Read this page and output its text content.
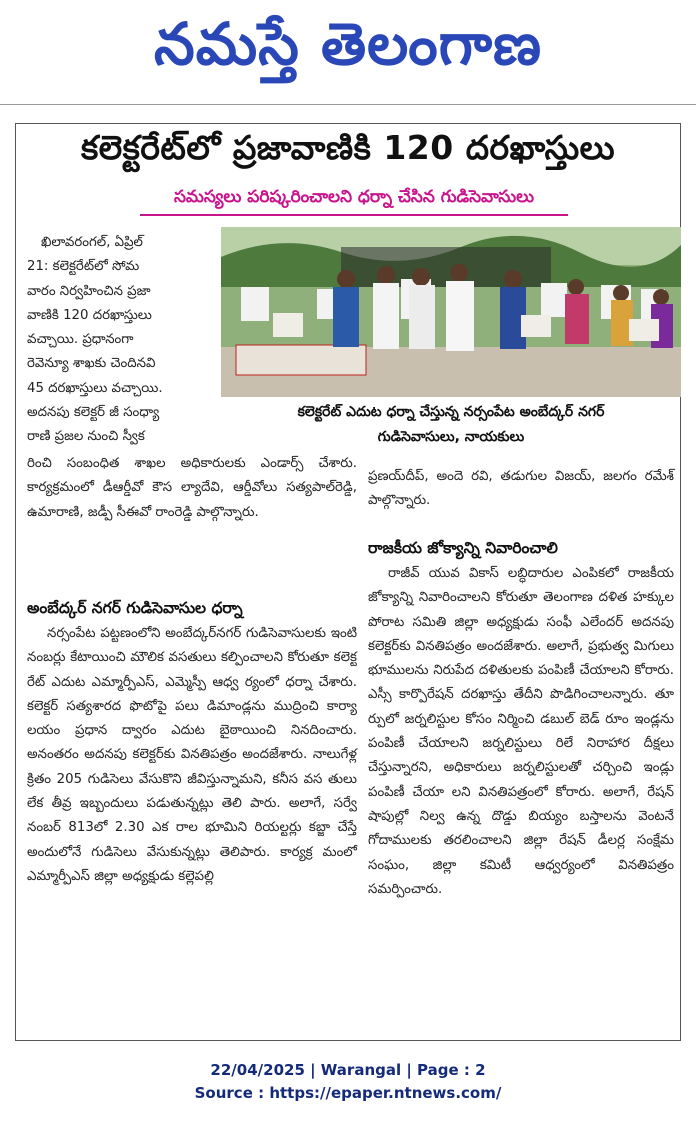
నమస్తే తెలంగాణ
కలెక్టరేట్‌లో ప్రజావాణికి 120 దరఖాస్తులు
సమస్యలు పరిష్కరించాలని ధర్నా చేసిన గుడిసెవాసులు
ఖిలావరంగల్, ఏప్రిల్
21: కలెక్టరేట్‌లో సోమ
వారం నిర్వహించిన ప్రజా
వాణికి 120 దరఖాస్తులు
వచ్చాయి. ప్రధానంగా
రెవెన్యూ శాఖకు చెందినవి
45 దరఖాస్తులు వచ్చాయి.
అదనపు కలెక్టర్ జీ సంధ్యా
రాణి ప్రజల నుంచి స్వీక
కలెక్టరేట్ ఎదుట ధర్నా చేస్తున్న నర్సంపేట అంబేద్కర్ నగర్
గుడిసెవాసులు, నాయకులు

రించి సంబంధిత శాఖల అధికారులకు ఎండార్స్ చేశారు. కార్యక్రమంలో డీఆర్డీవో కౌస ల్యాదేవి, ఆర్డీవోలు సత్యపాల్‌రెడ్డి, ఉమారాణి, జడ్పీ సీఈవో రాంరెడ్డి పాల్గొన్నారు.

అంబేద్కర్ నగర్ గుడిసెవాసుల ధర్నా

నర్సంపేట పట్టణంలోని అంబేద్కర్‌నగర్ గుడిసెవాసులకు ఇంటి నంబర్లు కేటాయించి మౌలిక వసతులు కల్పించాలని కోరుతూ కలెక్ట రేట్ ఎదుట ఎమ్మార్పీఎస్, ఎమ్మెస్పీ ఆధ్వ ర్యంలో ధర్నా చేశారు. కలెక్టర్ సత్యశారద ఫొటోపై పలు డిమాండ్లను ముద్రించి కార్యా లయం ప్రధాన ద్వారం ఎదుట బైఠాయించి నినదించారు. అనంతరం అదనపు కలెక్టర్‌కు వినతిపత్రం అందజేశారు. నాలుగేళ్ల క్రితం 205 గుడిసెలు వేసుకొని జీవిస్తున్నామని, కనీస వస తులు లేక తీవ్ర ఇబ్బందులు పడుతున్నట్లు తెలి పారు. అలాగే, సర్వే నంబర్ 813లో 2.30 ఎక రాల భూమిని రియల్టర్లు కబ్జా చేస్తే అందులోనే గుడిసెలు వేసుకున్నట్లు తెలిపారు. కార్యక్ర మంలో ఎమ్మార్పీఎస్ జిల్లా అధ్యక్షుడు కల్లెపల్లి

ప్రణయ్‌దీప్, అందె రవి, తడుగుల విజయ్, జలగం రమేశ్ పాల్గొన్నారు.

రాజకీయ జోక్యాన్ని నివారించాలి

రాజీవ్ యువ వికాస్ లబ్ధిదారుల ఎంపికలో రాజకీయ జోక్యాన్ని నివారించాలని కోరుతూ తెలంగాణ దళిత హక్కుల పోరాట సమితి జిల్లా అధ్యక్షుడు సంఫీ ఎలేందర్ అదనపు కలెక్టర్‌కు వినతిపత్రం అందజేశారు. అలాగే, ప్రభుత్వ మిగులు భూములను నిరుపేద దళితులకు పంపిణీ చేయాలని కోరారు. ఎస్సీ కార్పొరేషన్ దరఖాస్తు తేదీని పొడిగించాలన్నారు. తూ ర్పులో జర్నలిస్టుల కోసం నిర్మించి డబుల్ బెడ్ రూం ఇండ్లను పంపిణీ చేయాలని జర్నలిస్టులు రిలే నిరాహార దీక్షలు చేస్తున్నారని, అధికారులు జర్నలిస్టులతో చర్చించి ఇండ్లు పంపిణీ చేయా లని వినతిపత్రంలో కోరారు. అలాగే, రేషన్ షాపుల్లో నిల్వ ఉన్న దొడ్డు బియ్యం బస్తాలను వెంటనే గోదాములకు తరలించాలని జిల్లా రేషన్ డీలర్ల సంక్షేమ సంఘం, జిల్లా కమిటీ ఆధ్వర్యంలో వినతిపత్రం సమర్పించారు.

22/04/2025 | Warangal | Page : 2
Source : https://epaper.ntnews.com/
